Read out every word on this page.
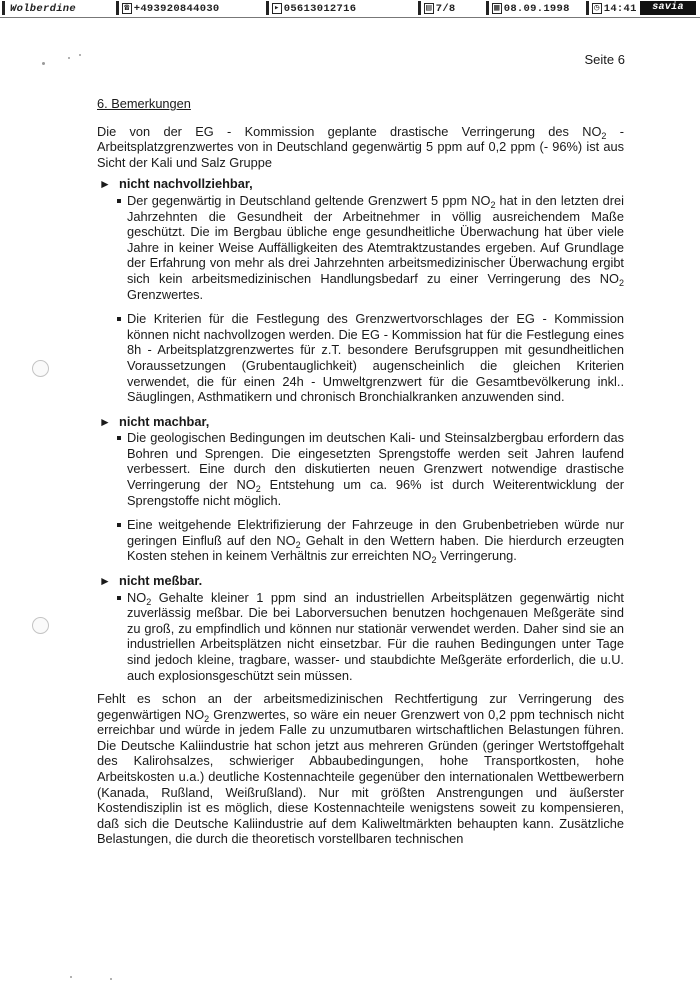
Wolberdine	☎ +493920844030	▸ 05613012716	▤ 7/8	▦ 08.09.1998	◷ 14:41	savia
Seite 6
6. Bemerkungen

Die von der EG - Kommission geplante drastische Verringerung des $NO_2$ - Arbeitsplatzgrenzwertes von in Deutschland gegenwärtig 5 ppm auf 0,2 ppm (- 96%) ist aus Sicht der Kali und Salz Gruppe

► nicht nachvollziehbar,

Der gegenwärtig in Deutschland geltende Grenzwert 5 ppm $NO_2$ hat in den letzten drei Jahrzehnten die Gesundheit der Arbeitnehmer in völlig ausreichendem Maße geschützt. Die im Bergbau übliche enge gesundheitliche Überwachung hat über viele Jahre in keiner Weise Auffälligkeiten des Atemtraktzustandes ergeben. Auf Grundlage der Erfahrung von mehr als drei Jahrzehnten arbeitsmedizinischer Überwachung ergibt sich kein arbeitsmedizinischen Handlungsbedarf zu einer Verringerung des $NO_2$ Grenzwertes.

Die Kriterien für die Festlegung des Grenzwertvorschlages der EG - Kommission können nicht nachvollzogen werden. Die EG - Kommission hat für die Festlegung eines 8h - Arbeitsplatzgrenzwertes für z.T. besondere Berufsgruppen mit gesundheitlichen Voraussetzungen (Grubentauglichkeit) augenscheinlich die gleichen Kriterien verwendet, die für einen 24h - Umweltgrenzwert für die Gesamtbevölkerung inkl.. Säuglingen, Asthmatikern und chronisch Bronchialkranken anzuwenden sind.

► nicht machbar,

Die geologischen Bedingungen im deutschen Kali- und Steinsalzbergbau erfordern das Bohren und Sprengen. Die eingesetzten Sprengstoffe werden seit Jahren laufend verbessert. Eine durch den diskutierten neuen Grenzwert notwendige drastische Verringerung der $NO_2$ Entstehung um ca. 96% ist durch Weiterentwicklung der Sprengstoffe nicht möglich.

Eine weitgehende Elektrifizierung der Fahrzeuge in den Grubenbetrieben würde nur geringen Einfluß auf den $NO_2$ Gehalt in den Wettern haben. Die hierdurch erzeugten Kosten stehen in keinem Verhältnis zur erreichten $NO_2$ Verringerung.

► nicht meßbar.

$NO_2$ Gehalte kleiner 1 ppm sind an industriellen Arbeitsplätzen gegenwärtig nicht zuverlässig meßbar. Die bei Laborversuchen benutzen hochgenauen Meßgeräte sind zu groß, zu empfindlich und können nur stationär verwendet werden. Daher sind sie an industriellen Arbeitsplätzen nicht einsetzbar. Für die rauhen Bedingungen unter Tage sind jedoch kleine, tragbare, wasser- und staubdichte Meßgeräte erforderlich, die u.U. auch explosionsgeschützt sein müssen.

Fehlt es schon an der arbeitsmedizinischen Rechtfertigung zur Verringerung des gegenwärtigen $NO_2$ Grenzwertes, so wäre ein neuer Grenzwert von 0,2 ppm technisch nicht erreichbar und würde in jedem Falle zu unzumutbaren wirtschaftlichen Belastungen führen. Die Deutsche Kaliindustrie hat schon jetzt aus mehreren Gründen (geringer Wertstoffgehalt des Kalirohsalzes, schwieriger Abbaubedingungen, hohe Transportkosten, hohe Arbeitskosten u.a.) deutliche Kostennachteile gegenüber den internationalen Wettbewerbern (Kanada, Rußland, Weißrußland). Nur mit größten Anstrengungen und äußerster Kostendisziplin ist es möglich, diese Kostennachteile wenigstens soweit zu kompensieren, daß sich die Deutsche Kaliindustrie auf dem Kaliweltmärkten behaupten kann. Zusätzliche Belastungen, die durch die theoretisch vorstellbaren technischen
